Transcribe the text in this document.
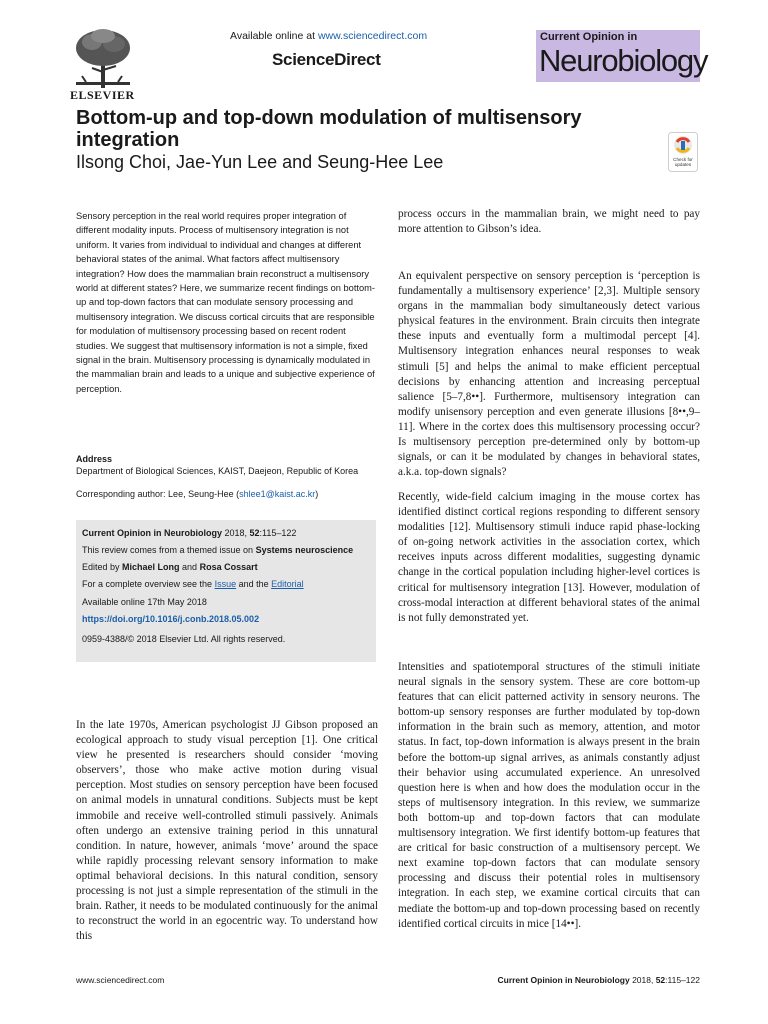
ELSEVIER
Available online at www.sciencedirect.com
ScienceDirect
Current Opinion in
Neurobiology
Bottom-up and top-down modulation of multisensory integration
Ilsong Choi, Jae-Yun Lee and Seung-Hee Lee	Check for
updates
Sensory perception in the real world requires proper integration of different modality inputs. Process of multisensory integration is not uniform. It varies from individual to individual and changes at different behavioral states of the animal. What factors affect multisensory integration? How does the mammalian brain reconstruct a multisensory world at different states? Here, we summarize recent findings on bottom-up and top-down factors that can modulate sensory processing and multisensory integration. We discuss cortical circuits that are responsible for modulation of multisensory processing based on recent rodent studies. We suggest that multisensory information is not a simple, fixed signal in the brain. Multisensory processing is dynamically modulated in the mammalian brain and leads to a unique and subjective experience of perception.
Address
Department of Biological Sciences, KAIST, Daejeon, Republic of Korea
Corresponding author: Lee, Seung-Hee (shlee1@kaist.ac.kr)
Current Opinion in Neurobiology 2018, 52:115–122
This review comes from a themed issue on Systems neuroscience
Edited by Michael Long and Rosa Cossart
For a complete overview see the Issue and the Editorial
Available online 17th May 2018
https://doi.org/10.1016/j.conb.2018.05.002
0959-4388/© 2018 Elsevier Ltd. All rights reserved.

In the late 1970s, American psychologist JJ Gibson proposed an ecological approach to study visual perception [1]. One critical view he presented is researchers should consider ‘moving observers’, those who make active motion during visual perception. Most studies on sensory perception have been focused on animal models in unnatural conditions. Subjects must be kept immobile and receive well-controlled stimuli passively. Animals often undergo an extensive training period in this unnatural condition. In nature, however, animals ‘move’ around the space while rapidly processing relevant sensory information to make optimal behavioral decisions. In this natural condition, sensory processing is not just a simple representation of the stimuli in the brain. Rather, it needs to be modulated continuously for the animal to reconstruct the world in an egocentric way. To understand how this

process occurs in the mammalian brain, we might need to pay more attention to Gibson’s idea.

An equivalent perspective on sensory perception is ‘perception is fundamentally a multisensory experience’ [2,3]. Multiple sensory organs in the mammalian body simultaneously detect various physical features in the environment. Brain circuits then integrate these inputs and eventually form a multimodal percept [4]. Multisensory integration enhances neural responses to weak stimuli [5] and helps the animal to make efficient perceptual decisions by enhancing attention and increasing perceptual salience [5–7,8••]. Furthermore, multisensory integration can modify unisensory perception and even generate illusions [8••,9–11]. Where in the cortex does this multisensory processing occur? Is multisensory perception pre-determined only by bottom-up signals, or can it be modulated by changes in behavioral states, a.k.a. top-down signals?

Recently, wide-field calcium imaging in the mouse cortex has identified distinct cortical regions responding to different sensory modalities [12]. Multisensory stimuli induce rapid phase-locking of on-going network activities in the association cortex, which receives inputs across different modalities, suggesting dynamic change in the cortical population including higher-level cortices is critical for multisensory integration [13]. However, modulation of cross-modal interaction at different behavioral states of the animal is not fully demonstrated yet.

Intensities and spatiotemporal structures of the stimuli initiate neural signals in the sensory system. These are core bottom-up features that can elicit patterned activity in sensory neurons. The bottom-up sensory responses are further modulated by top-down information in the brain such as memory, attention, and motor status. In fact, top-down information is always present in the brain before the bottom-up signal arrives, as animals constantly adjust their behavior using accumulated experience. An unresolved question here is when and how does the modulation occur in the steps of multisensory integration. In this review, we summarize both bottom-up and top-down factors that can modulate multisensory integration. We first identify bottom-up features that are critical for basic construction of a multisensory percept. We next examine top-down factors that can modulate sensory processing and discuss their potential roles in multisensory integration. In each step, we examine cortical circuits that can mediate the bottom-up and top-down processing based on recently identified cortical circuits in mice [14••].

www.sciencedirect.com	Current Opinion in Neurobiology 2018, 52:115–122
